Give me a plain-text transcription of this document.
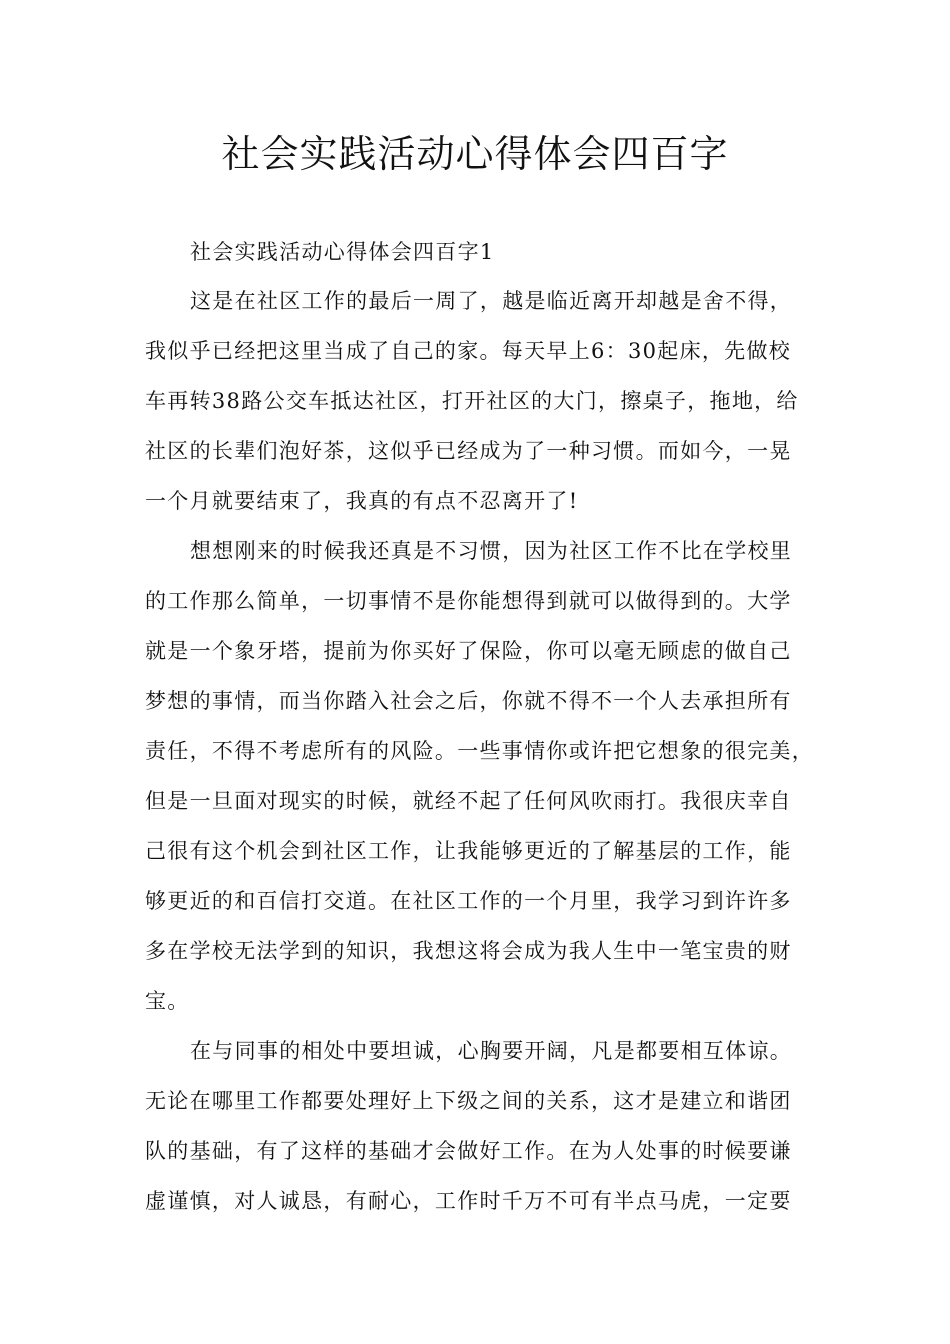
社会实践活动心得体会四百字

社会实践活动心得体会四百字1

这是在社区工作的最后一周了，越是临近离开却越是舍不得，

我似乎已经把这里当成了自己的家。每天早上6：30起床，先做校

车再转38路公交车抵达社区，打开社区的大门，擦桌子，拖地，给

社区的长辈们泡好茶，这似乎已经成为了一种习惯。而如今，一晃

一个月就要结束了，我真的有点不忍离开了!

想想刚来的时候我还真是不习惯，因为社区工作不比在学校里

的工作那么简单，一切事情不是你能想得到就可以做得到的。大学

就是一个象牙塔，提前为你买好了保险，你可以毫无顾虑的做自己

梦想的事情，而当你踏入社会之后，你就不得不一个人去承担所有

责任，不得不考虑所有的风险。一些事情你或许把它想象的很完美，

但是一旦面对现实的时候，就经不起了任何风吹雨打。我很庆幸自

己很有这个机会到社区工作，让我能够更近的了解基层的工作，能

够更近的和百信打交道。在社区工作的一个月里，我学习到许许多

多在学校无法学到的知识，我想这将会成为我人生中一笔宝贵的财

宝。

在与同事的相处中要坦诚，心胸要开阔，凡是都要相互体谅。

无论在哪里工作都要处理好上下级之间的关系，这才是建立和谐团

队的基础，有了这样的基础才会做好工作。在为人处事的时候要谦

虚谨慎，对人诚恳，有耐心，工作时千万不可有半点马虎，一定要
